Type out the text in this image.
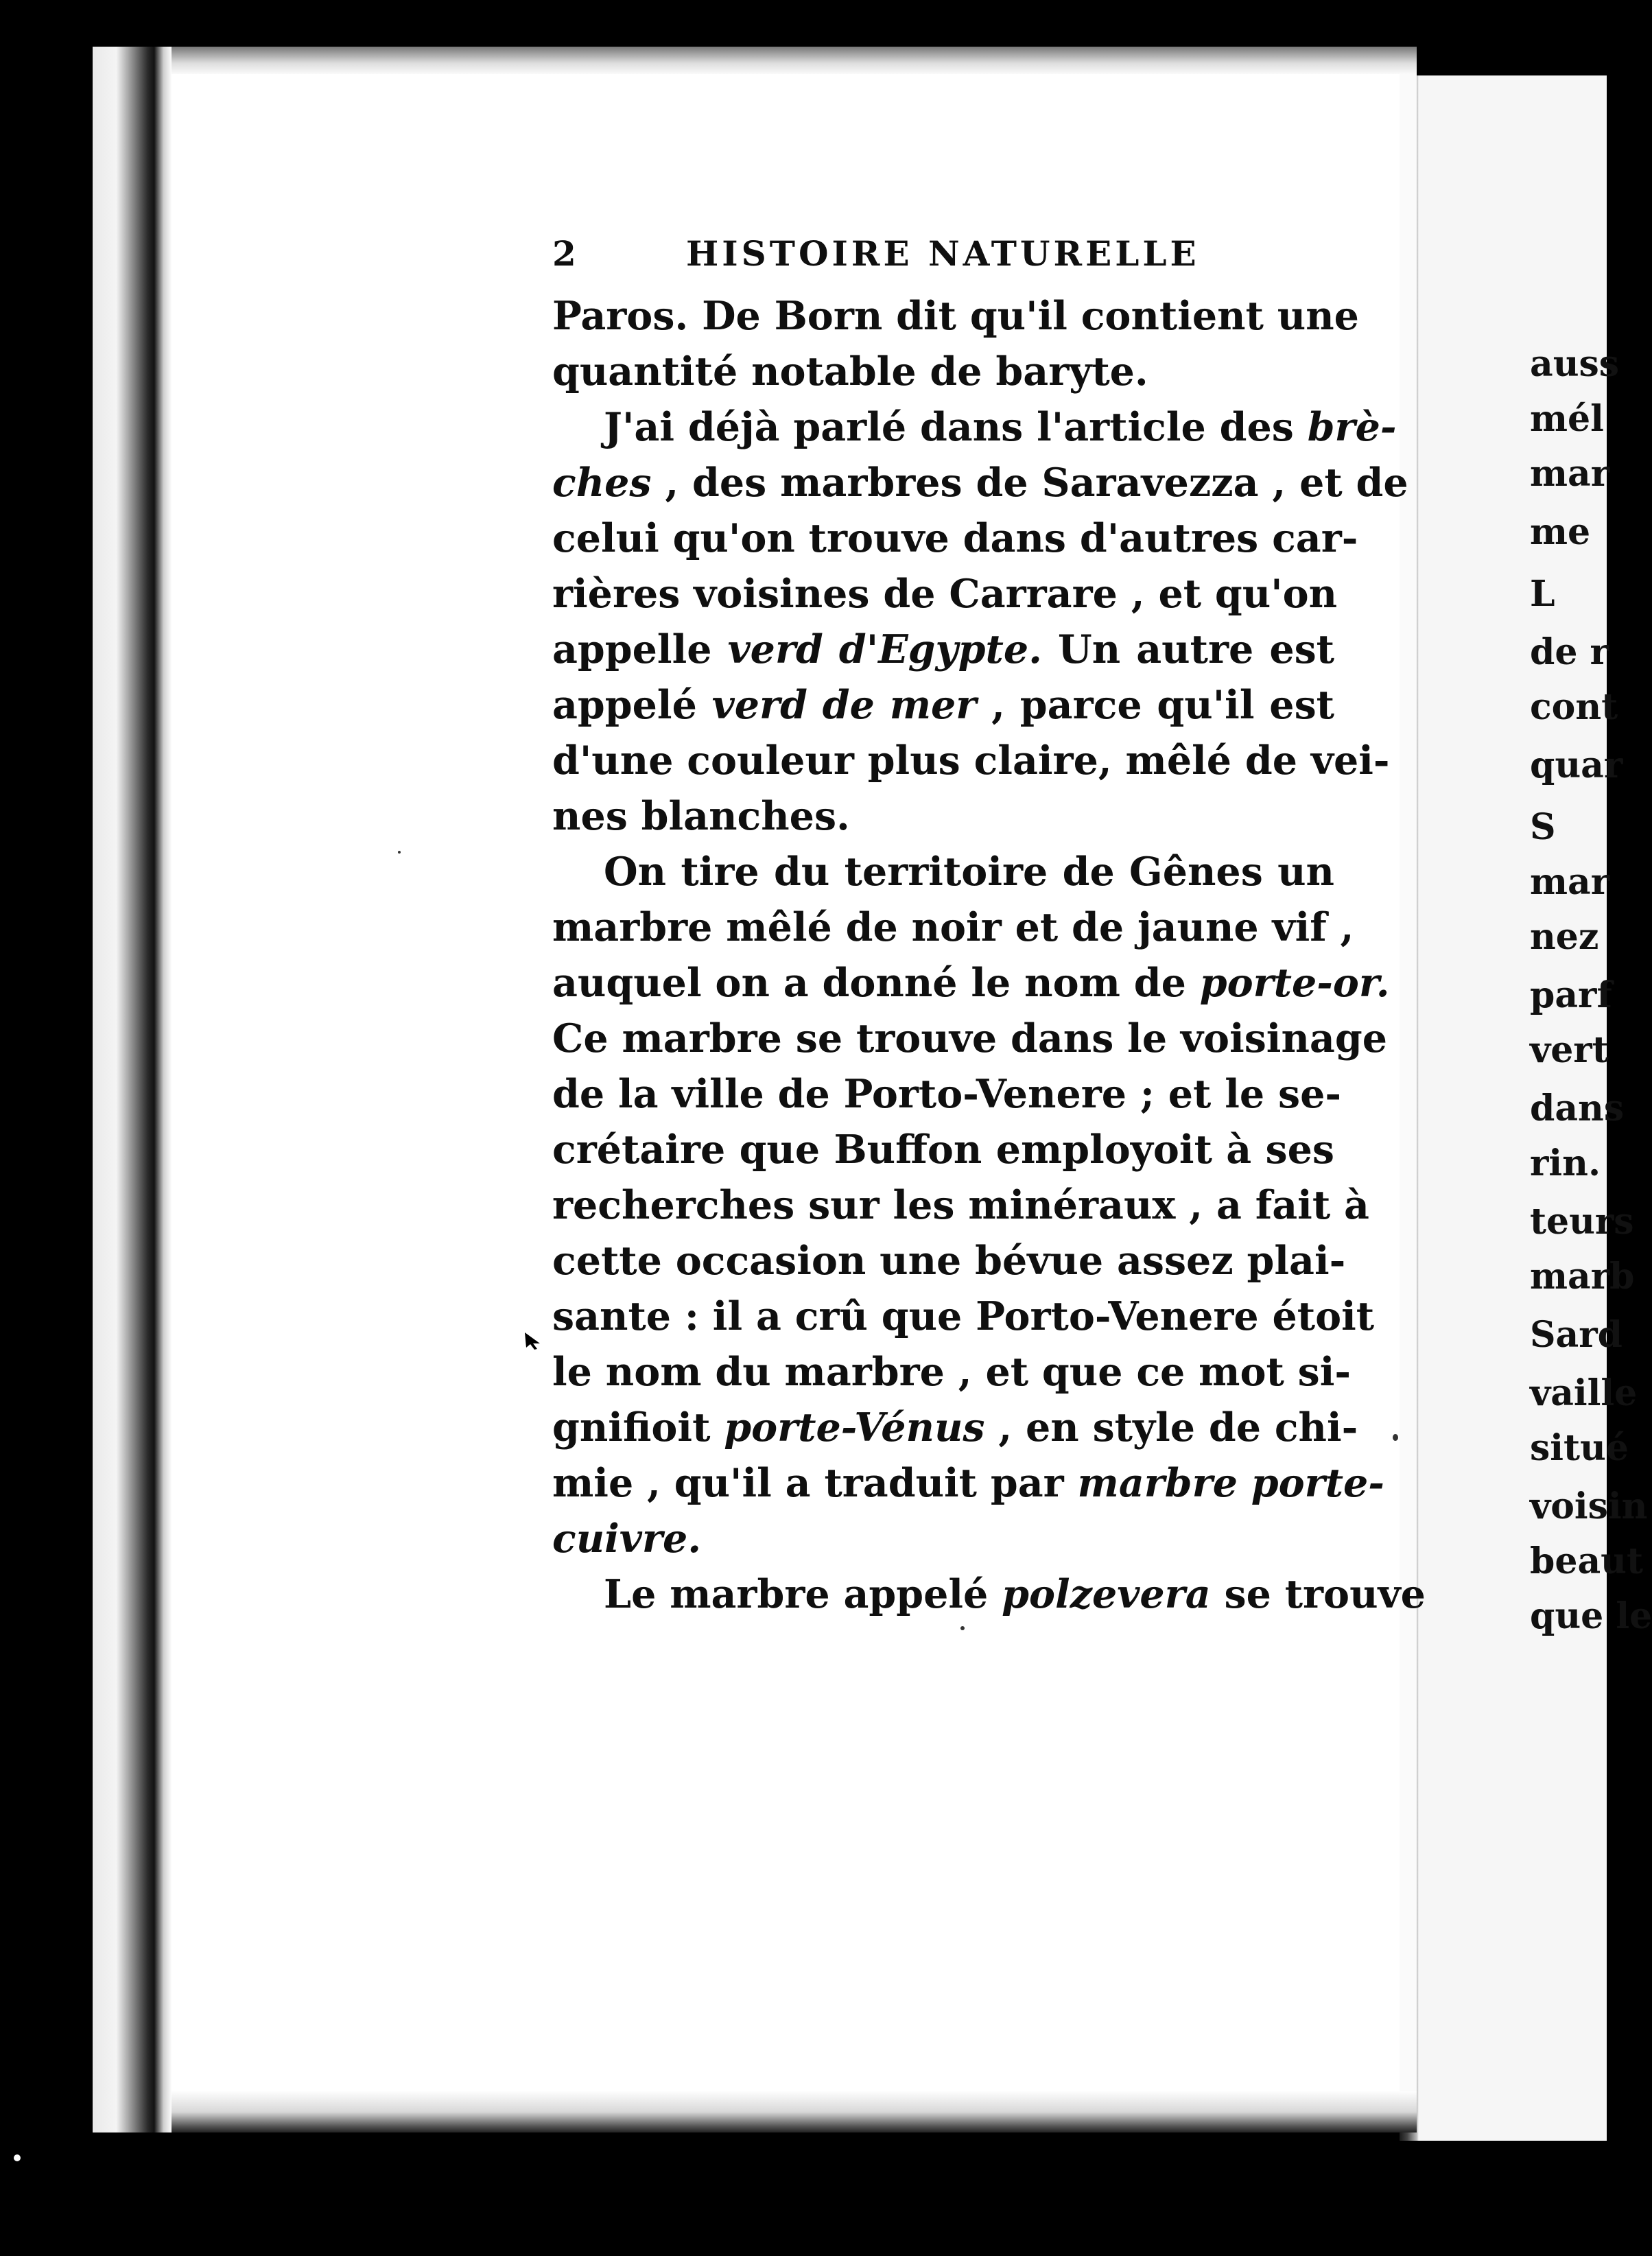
auss
mél
mar
me
L
de r
cont
quar
S
mar
nez
parf
vert
dans
rin.
teurs
marb
Sard
vaille
situé
voisin
beaut
que le
2	HISTOIRE NATURELLE
Paros. De Born dit qu'il contient une
quantité notable de baryte.
J'ai déjà parlé dans l'article des brè-
ches , des marbres de Saravezza , et de
celui qu'on trouve dans d'autres car-
rières voisines de Carrare , et qu'on
appelle verd d'Egypte. Un autre est
appelé verd de mer , parce qu'il est
d'une couleur plus claire, mêlé de vei-
nes blanches.
On tire du territoire de Gênes un
marbre mêlé de noir et de jaune vif ,
auquel on a donné le nom de porte-or.
Ce marbre se trouve dans le voisinage
de la ville de Porto-Venere ; et le se-
crétaire que Buffon employoit à ses
recherches sur les minéraux , a fait à
cette occasion une bévue assez plai-
sante : il a crû que Porto-Venere étoit
le nom du marbre , et que ce mot si-
gnifioit porte-Vénus , en style de chi-
mie , qu'il a traduit par marbre porte-
cuivre.
Le marbre appelé polzevera se trouve
